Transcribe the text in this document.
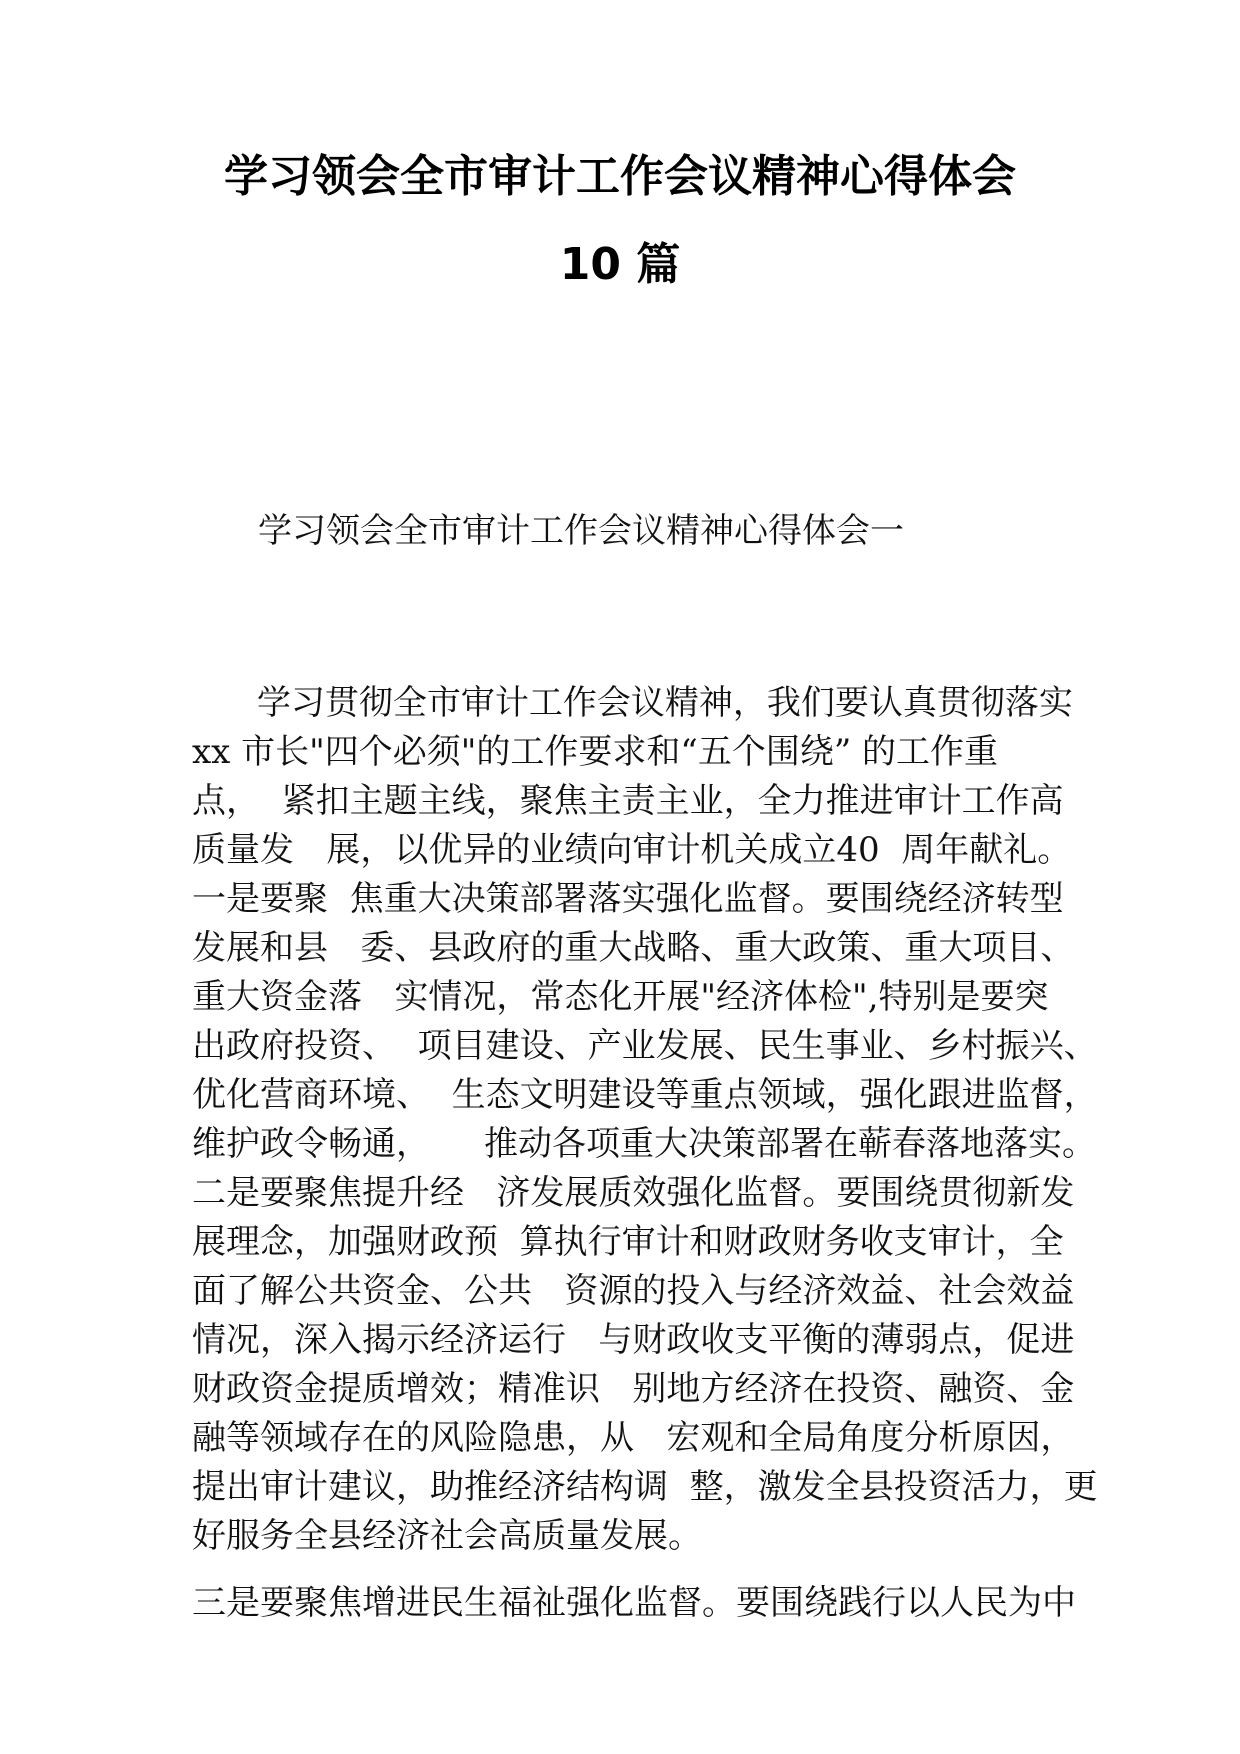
学习领会全市审计工作会议精神心得体会
10 篇
学习领会全市审计工作会议精神心得体会一
学习贯彻全市审计工作会议精神，我们要认真贯彻落实
xx 市长"四个必须"的工作要求和“五个围绕” 的工作重
点，  紧扣主题主线，聚焦主责主业，全力推进审计工作高
质量发   展，以优异的业绩向审计机关成立40  周年献礼。
一是要聚  焦重大决策部署落实强化监督。要围绕经济转型
发展和县   委、县政府的重大战略、重大政策、重大项目、
重大资金落   实情况，常态化开展"经济体检",特别是要突
出政府投资、  项目建设、产业发展、民生事业、乡村振兴、
优化营商环境、  生态文明建设等重点领域，强化跟进监督，
维护政令畅通，     推动各项重大决策部署在蕲春落地落实。
二是要聚焦提升经   济发展质效强化监督。要围绕贯彻新发
展理念，加强财政预  算执行审计和财政财务收支审计，全
面了解公共资金、公共   资源的投入与经济效益、社会效益
情况，深入揭示经济运行   与财政收支平衡的薄弱点，促进
财政资金提质增效；精准识   别地方经济在投资、融资、金
融等领域存在的风险隐患，从   宏观和全局角度分析原因，
提出审计建议，助推经济结构调  整，激发全县投资活力，更
好服务全县经济社会高质量发展。
三是要聚焦增进民生福祉强化监督。要围绕践行以人民为中
